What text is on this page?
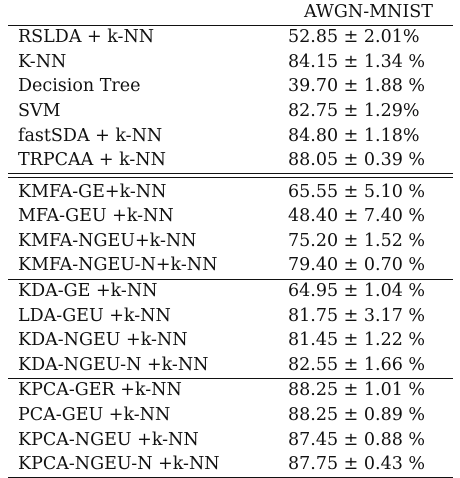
AWGN-MNIST
RSLDA + k-NN	52.85 ± 2.01%
K-NN	84.15 ± 1.34 %
Decision Tree	39.70 ± 1.88 %
SVM	82.75 ± 1.29%
fastSDA + k-NN	84.80 ± 1.18%
TRPCAA + k-NN	88.05 ± 0.39 %
KMFA-GE+k-NN	65.55 ± 5.10 %
MFA-GEU +k-NN	48.40 ± 7.40 %
KMFA-NGEU+k-NN	75.20 ± 1.52 %
KMFA-NGEU-N+k-NN	79.40 ± 0.70 %
KDA-GE +k-NN	64.95 ± 1.04 %
LDA-GEU +k-NN	81.75 ± 3.17 %
KDA-NGEU +k-NN	81.45 ± 1.22 %
KDA-NGEU-N +k-NN	82.55 ± 1.66 %
KPCA-GER +k-NN	88.25 ± 1.01 %
PCA-GEU +k-NN	88.25 ± 0.89 %
KPCA-NGEU +k-NN	87.45 ± 0.88 %
KPCA-NGEU-N +k-NN	87.75 ± 0.43 %
